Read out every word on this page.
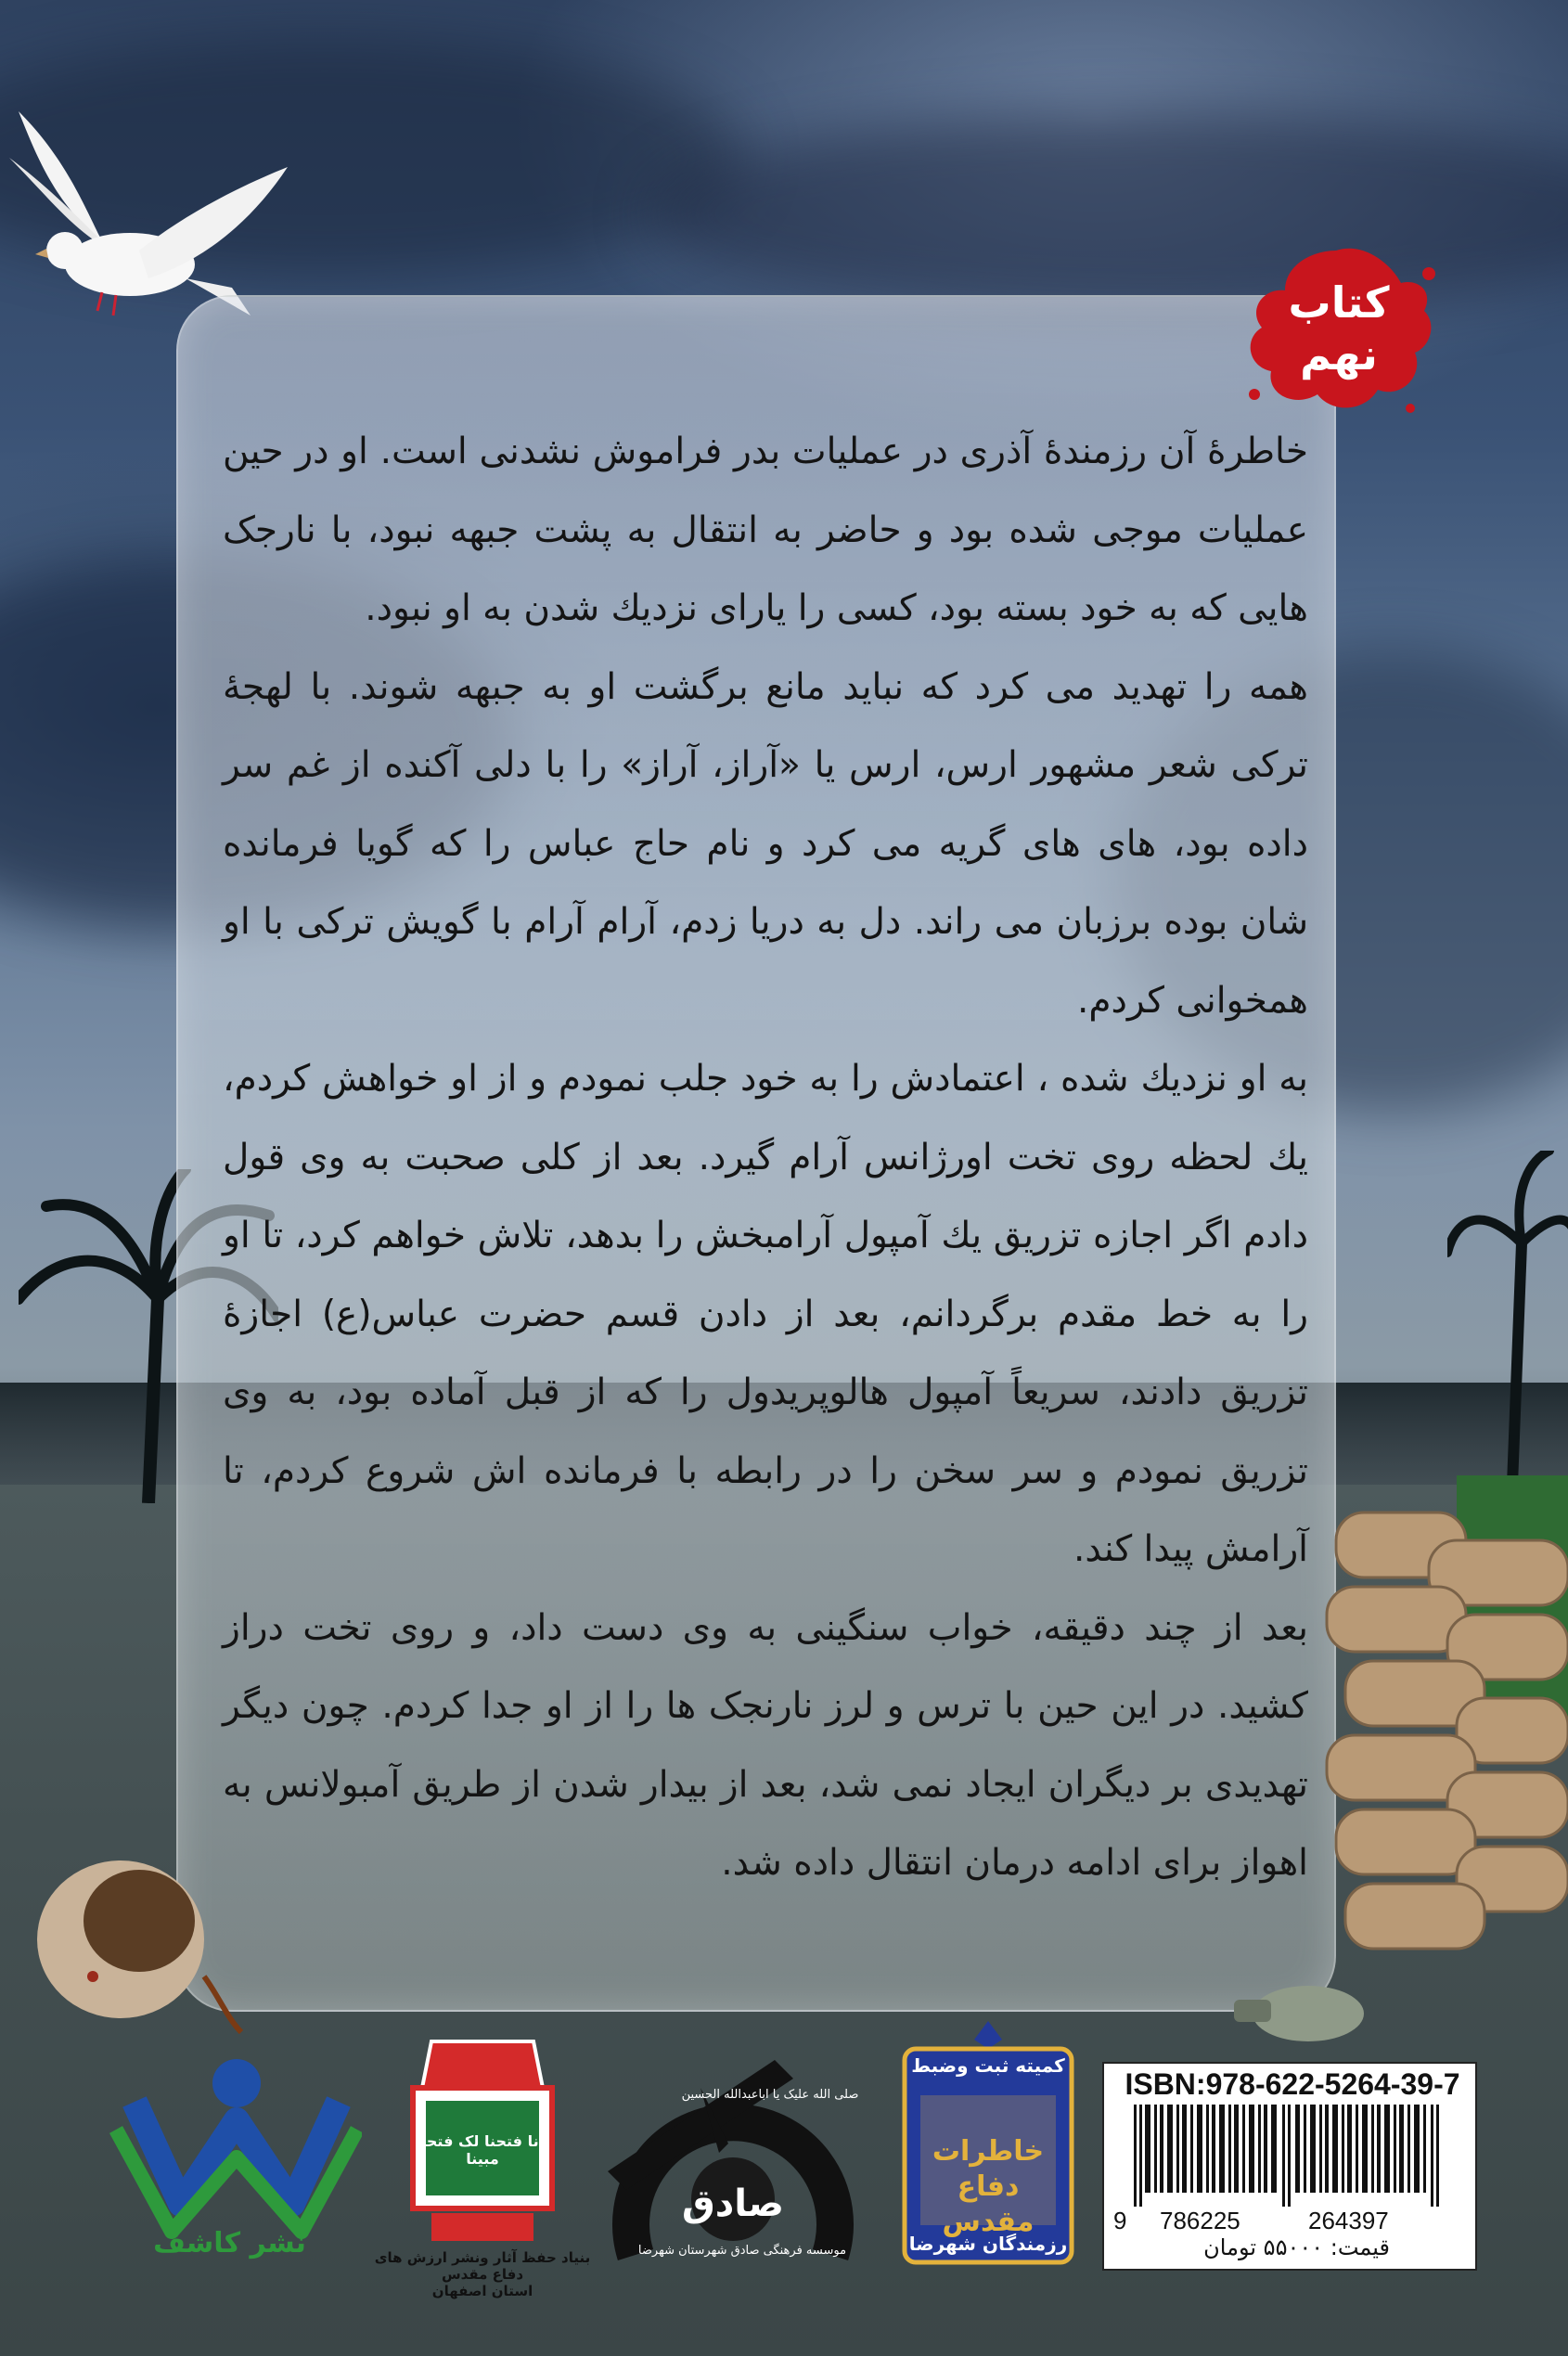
کتاب
نهم

خاطرهٔ آن رزمندهٔ آذری در عملیات بدر فراموش نشدنی است. او در حین عملیات موجی شده بود و حاضر به انتقال به پشت جبهه نبود، با نارجک هایی که به خود بسته بود، کسی را یارای نزدیك شدن به او نبود.

همه را تهدید می کرد که نباید مانع برگشت او به جبهه شوند. با لهجهٔ ترکی شعر مشهور ارس، ارس یا «آراز، آراز» را با دلی آکنده از غم سر داده بود، های های گریه می کرد و نام حاج عباس را که گویا فرمانده شان بوده برزبان می راند. دل به دریا زدم، آرام آرام با گویش ترکی با او همخوانی کردم.

به او نزدیك شده ، اعتمادش را به خود جلب نمودم و از او خواهش کردم، یك لحظه روی تخت اورژانس آرام گیرد. بعد از کلی صحبت به وی قول دادم اگر اجازه تزریق یك آمپول آرامبخش را بدهد، تلاش خواهم کرد، تا او را به خط مقدم برگردانم، بعد از دادن قسم حضرت عباس(ع) اجازهٔ تزریق دادند، سریعاً آمپول هالوپریدول را که از قبل آماده بود، به وی تزریق نمودم و سر سخن را در رابطه با فرمانده اش شروع کردم، تا آرامش پیدا کند.

بعد از چند دقیقه، خواب سنگینی به وی دست داد، و روی تخت دراز کشید. در این حین با ترس و لرز نارنجک ها را از او جدا کردم. چون دیگر تهدیدی بر دیگران ایجاد نمی شد، بعد از بیدار شدن از طریق آمبولانس به اهواز برای ادامه درمان انتقال داده شد.

نشر کاشف
انا فتحنا لک فتحاً مبینا
بنیاد حفظ آثار ونشر ارزش های دفاع مقدس
استان اصفهان
صادق
صلی الله علیک یا اباعبدالله الحسین
موسسه فرهنگی صادق شهرستان شهرضا
کمیته ثبت وضبط
خاطرات دفاع مقدس
رزمندگان شهرضا
ISBN:978-622-5264-39-7
9 786225	264397
قیمت: ۵۵۰۰۰ تومان
